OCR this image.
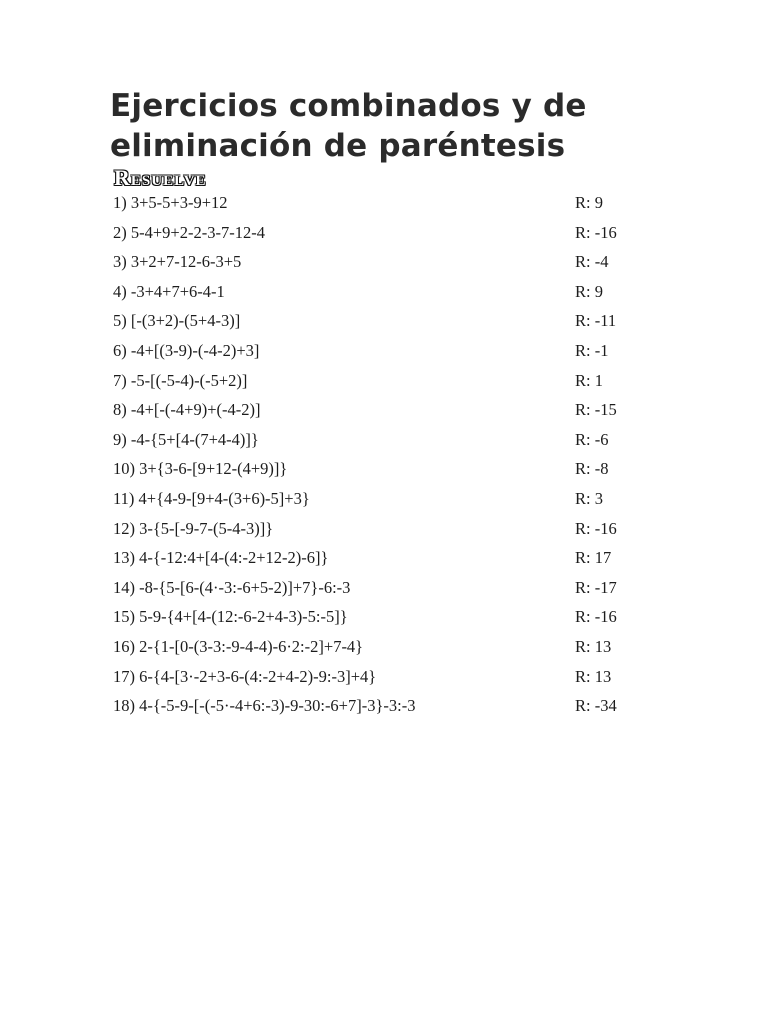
Ejercicios combinados y de eliminación de paréntesis
Resuelve
1) 3+5-5+3-9+12	R: 9
2) 5-4+9+2-2-3-7-12-4	R: -16
3) 3+2+7-12-6-3+5	R: -4
4) -3+4+7+6-4-1	R: 9
5) [-(3+2)-(5+4-3)]	R: -11
6) -4+[(3-9)-(-4-2)+3]	R: -1
7) -5-[(-5-4)-(-5+2)]	R: 1
8) -4+[-(-4+9)+(-4-2)]	R: -15
9) -4-{5+[4-(7+4-4)]}	R: -6
10) 3+{3-6-[9+12-(4+9)]}	R: -8
11) 4+{4-9-[9+4-(3+6)-5]+3}	R: 3
12) 3-{5-[-9-7-(5-4-3)]}	R: -16
13) 4-{-12:4+[4-(4:-2+12-2)-6]}	R: 17
14) -8-{5-[6-(4·-3:-6+5-2)]+7}-6:-3	R: -17
15) 5-9-{4+[4-(12:-6-2+4-3)-5:-5]}	R: -16
16) 2-{1-[0-(3-3:-9-4-4)-6·2:-2]+7-4}	R: 13
17) 6-{4-[3·-2+3-6-(4:-2+4-2)-9:-3]+4}	R: 13
18) 4-{-5-9-[-(-5·-4+6:-3)-9-30:-6+7]-3}-3:-3	R: -34
